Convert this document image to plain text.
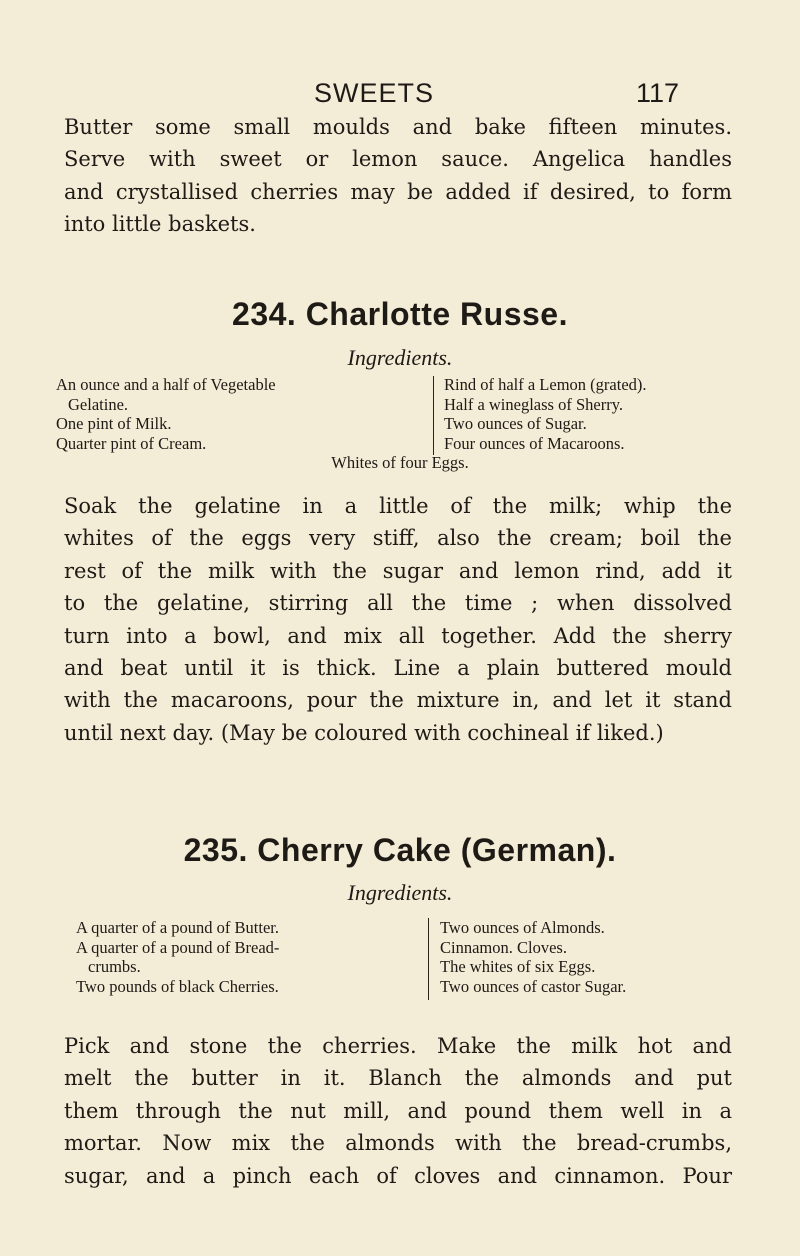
SWEETS	117
Butter some small moulds and bake fifteen minutes.
Serve with sweet or lemon sauce. Angelica handles
and crystallised cherries may be added if desired, to form
into little baskets.
234. Charlotte Russe.
Ingredients.
An ounce and a half of Vegetable
Gelatine.
One pint of Milk.
Quarter pint of Cream.
Rind of half a Lemon (grated).
Half a wineglass of Sherry.
Two ounces of Sugar.
Four ounces of Macaroons.
Whites of four Eggs.
Soak the gelatine in a little of the milk; whip the
whites of the eggs very stiff, also the cream; boil the
rest of the milk with the sugar and lemon rind, add it
to the gelatine, stirring all the time ; when dissolved
turn into a bowl, and mix all together. Add the sherry
and beat until it is thick. Line a plain buttered mould
with the macaroons, pour the mixture in, and let it stand
until next day. (May be coloured with cochineal if liked.)
235. Cherry Cake (German).
Ingredients.
A quarter of a pound of Butter.
A quarter of a pound of Bread-
crumbs.
Two pounds of black Cherries.
Two ounces of Almonds.
Cinnamon. Cloves.
The whites of six Eggs.
Two ounces of castor Sugar.
Pick and stone the cherries. Make the milk hot and
melt the butter in it. Blanch the almonds and put
them through the nut mill, and pound them well in a
mortar. Now mix the almonds with the bread-crumbs,
sugar, and a pinch each of cloves and cinnamon. Pour
